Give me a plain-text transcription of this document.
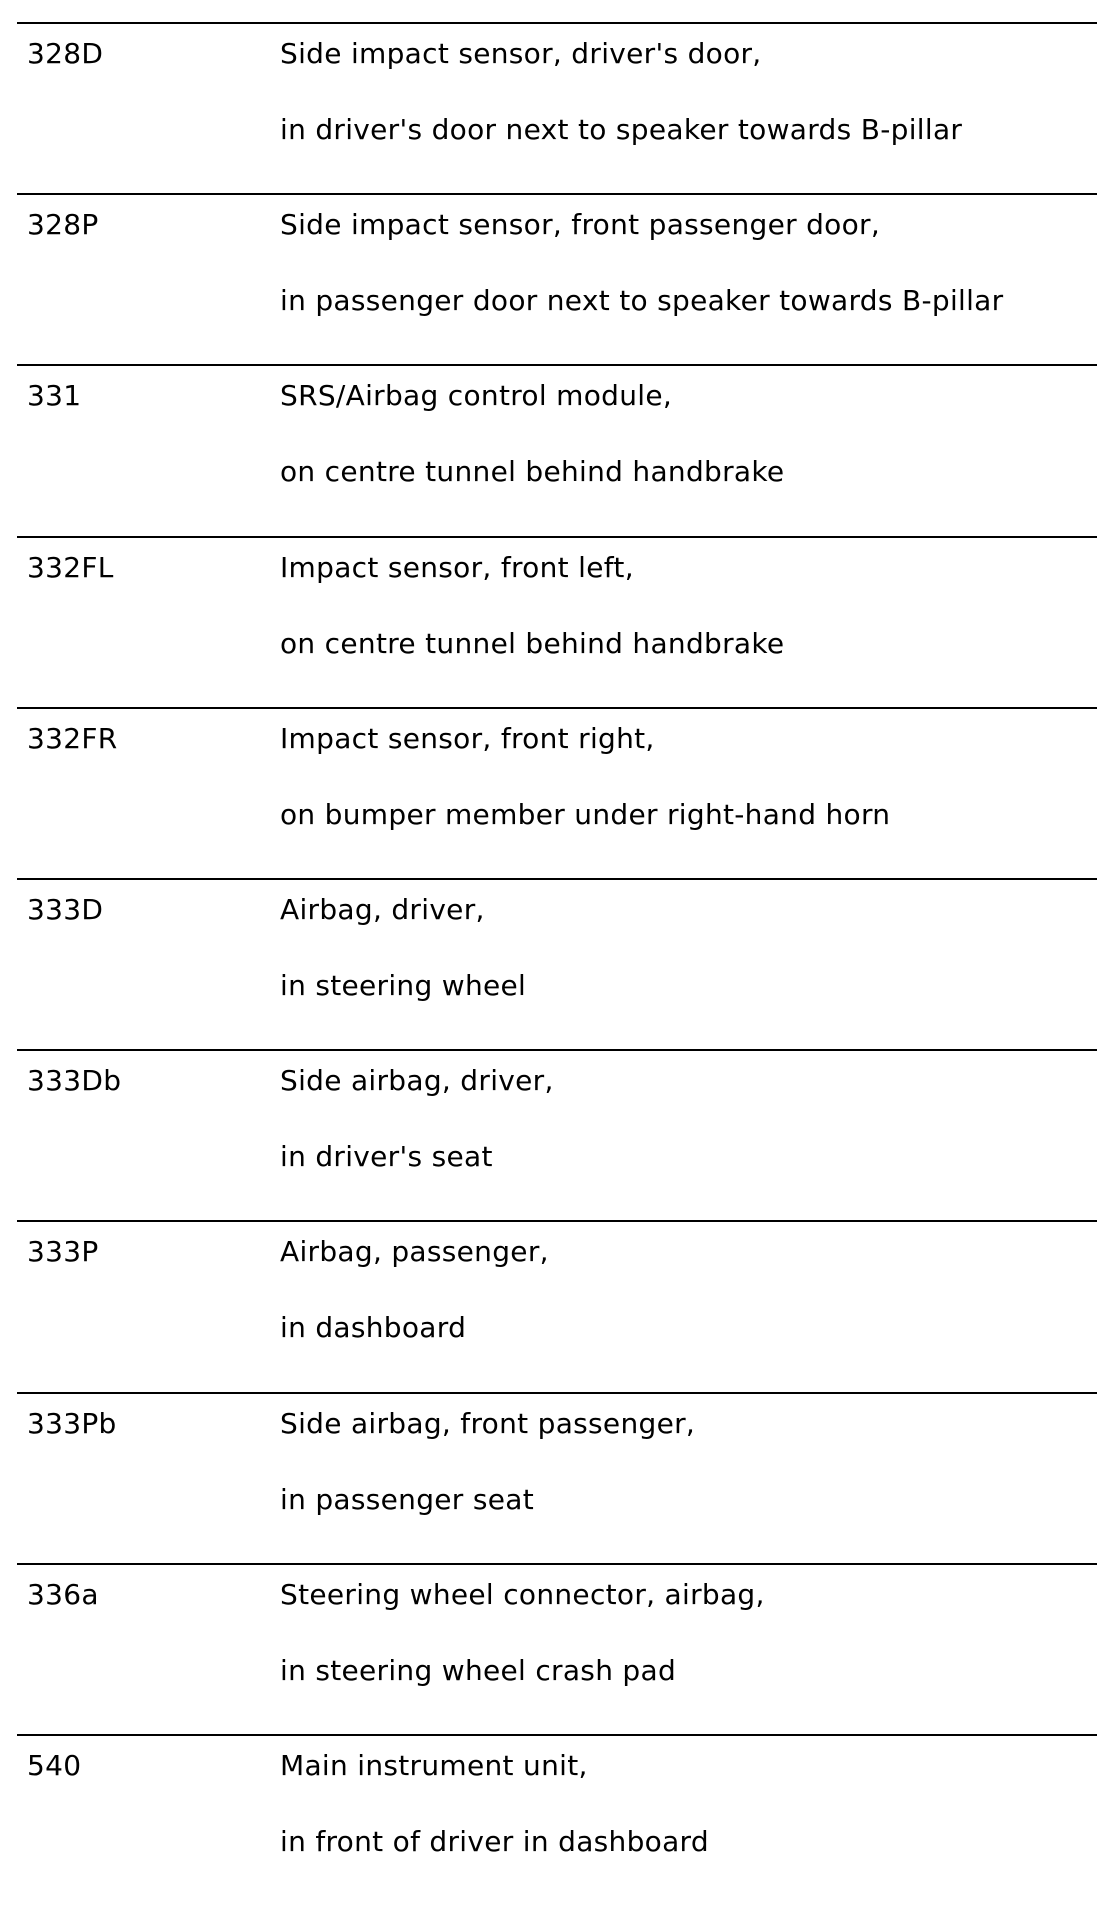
328D	Side impact sensor, driver's door,
in driver's door next to speaker towards B-pillar
328P	Side impact sensor, front passenger door,
in passenger door next to speaker towards B-pillar
331	SRS/Airbag control module,
on centre tunnel behind handbrake
332FL	Impact sensor, front left,
on centre tunnel behind handbrake
332FR	Impact sensor, front right,
on bumper member under right-hand horn
333D	Airbag, driver,
in steering wheel
333Db	Side airbag, driver,
in driver's seat
333P	Airbag, passenger,
in dashboard
333Pb	Side airbag, front passenger,
in passenger seat
336a	Steering wheel connector, airbag,
in steering wheel crash pad
540	Main instrument unit,
in front of driver in dashboard
